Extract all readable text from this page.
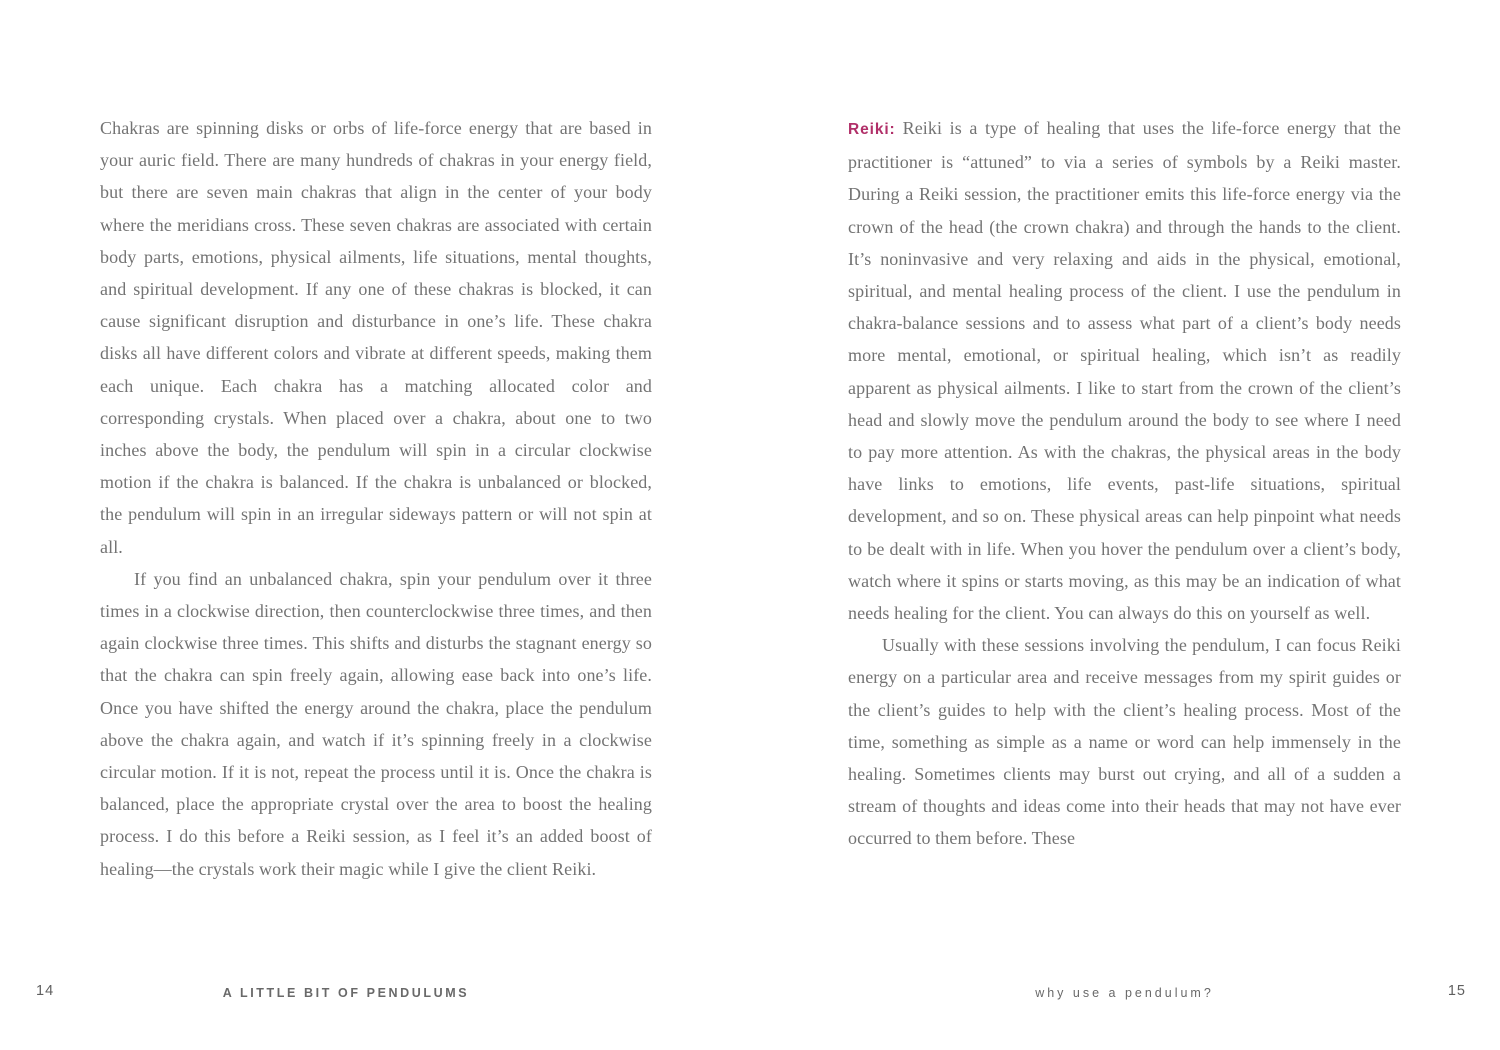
Chakras are spinning disks or orbs of life-force energy that are based in your auric field. There are many hundreds of chakras in your energy field, but there are seven main chakras that align in the center of your body where the meridians cross. These seven chakras are associated with certain body parts, emotions, physical ailments, life situations, mental thoughts, and spiritual development. If any one of these chakras is blocked, it can cause significant disruption and disturbance in one’s life. These chakra disks all have different colors and vibrate at different speeds, making them each unique. Each chakra has a matching allocated color and corresponding crystals. When placed over a chakra, about one to two inches above the body, the pendulum will spin in a circular clockwise motion if the chakra is balanced. If the chakra is unbalanced or blocked, the pendulum will spin in an irregular sideways pattern or will not spin at all.

If you find an unbalanced chakra, spin your pendulum over it three times in a clockwise direction, then counterclockwise three times, and then again clockwise three times. This shifts and disturbs the stagnant energy so that the chakra can spin freely again, allowing ease back into one’s life. Once you have shifted the energy around the chakra, place the pendulum above the chakra again, and watch if it’s spinning freely in a clockwise circular motion. If it is not, repeat the process until it is. Once the chakra is balanced, place the appropriate crystal over the area to boost the healing process. I do this before a Reiki session, as I feel it’s an added boost of healing—the crystals work their magic while I give the client Reiki.

14	A LITTLE BIT OF PENDULUMS

Reiki: Reiki is a type of healing that uses the life-force energy that the practitioner is “attuned” to via a series of symbols by a Reiki master. During a Reiki session, the practitioner emits this life-force energy via the crown of the head (the crown chakra) and through the hands to the client. It’s noninvasive and very relaxing and aids in the physical, emotional, spiritual, and mental healing process of the client. I use the pendulum in chakra-balance sessions and to assess what part of a client’s body needs more mental, emotional, or spiritual healing, which isn’t as readily apparent as physical ailments. I like to start from the crown of the client’s head and slowly move the pendulum around the body to see where I need to pay more attention. As with the chakras, the physical areas in the body have links to emotions, life events, past-life situations, spiritual development, and so on. These physical areas can help pinpoint what needs to be dealt with in life. When you hover the pendulum over a client’s body, watch where it spins or starts moving, as this may be an indication of what needs healing for the client. You can always do this on yourself as well.

Usually with these sessions involving the pendulum, I can focus Reiki energy on a particular area and receive messages from my spirit guides or the client’s guides to help with the client’s healing process. Most of the time, something as simple as a name or word can help immensely in the healing. Sometimes clients may burst out crying, and all of a sudden a stream of thoughts and ideas come into their heads that may not have ever occurred to them before. These

why use a pendulum?	15
